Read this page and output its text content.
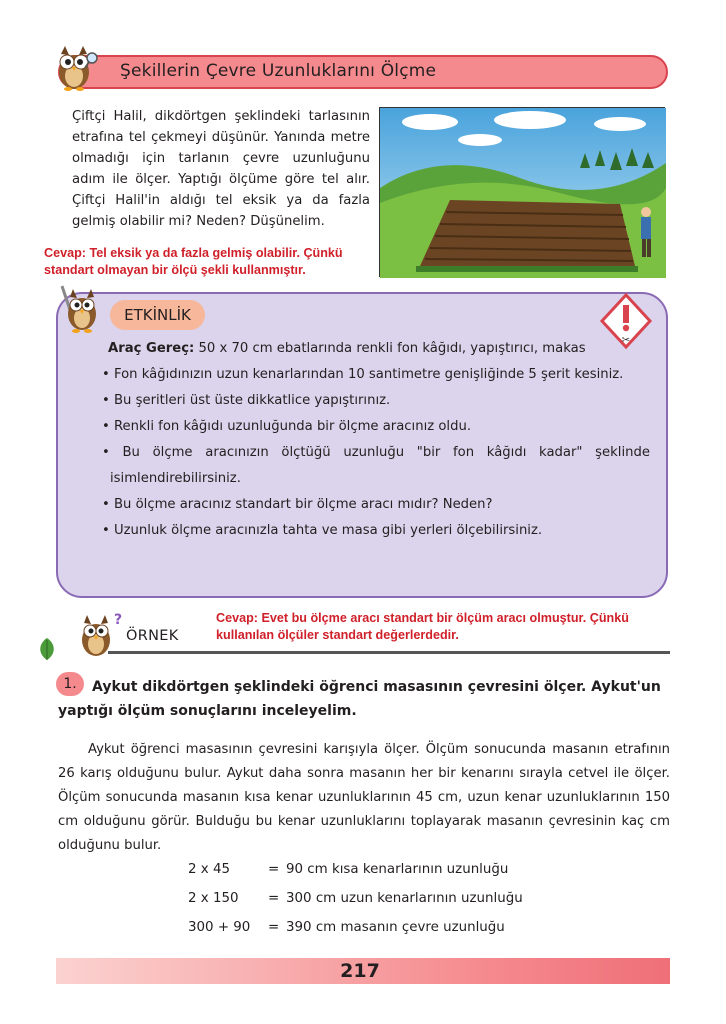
Şekillerin Çevre Uzunluklarını Ölçme
Çiftçi Halil, dikdörtgen şeklindeki tarlasının etrafına tel çekmeyi düşünür. Yanında metre olmadığı için tarlanın çevre uzunluğunu adım ile ölçer. Yaptığı ölçüme göre tel alır. Çiftçi Halil'in aldığı tel eksik ya da fazla gelmiş olabilir mi? Neden? Düşünelim.
Cevap: Tel eksik ya da fazla gelmiş olabilir. Çünkü standart olmayan bir ölçü şekli kullanmıştır.
ETKİNLİK
✂

Araç Gereç: 50 x 70 cm ebatlarında renkli fon kâğıdı, yapıştırıcı, makas

• Fon kâğıdınızın uzun kenarlarından 10 santimetre genişliğinde 5 şerit kesiniz.

• Bu şeritleri üst üste dikkatlice yapıştırınız.

• Renkli fon kâğıdı uzunluğunda bir ölçme aracınız oldu.

• Bu ölçme aracınızın ölçtüğü uzunluğu "bir fon kâğıdı kadar" şeklinde isimlendirebilirsiniz.

• Bu ölçme aracınız standart bir ölçme aracı mıdır? Neden?

• Uzunluk ölçme aracınızla tahta ve masa gibi yerleri ölçebilirsiniz.

?
ÖRNEK
Cevap: Evet bu ölçme aracı standart bir ölçüm aracı olmuştur. Çünkü kullanılan ölçüler standart değerlerdedir.
1.	Aykut dikdörtgen şeklindeki öğrenci masasının çevresini ölçer. Aykut'un yaptığı ölçüm sonuçlarını inceleyelim.
Aykut öğrenci masasının çevresini karışıyla ölçer. Ölçüm sonucunda masanın etrafının 26 karış olduğunu bulur. Aykut daha sonra masanın her bir kenarını sırayla cetvel ile ölçer. Ölçüm sonucunda masanın kısa kenar uzunluklarının 45 cm, uzun kenar uzunluklarının 150 cm olduğunu görür. Bulduğu bu kenar uzunluklarını toplayarak masanın çevresinin kaç cm olduğunu bulur.
2 x 45	= 90 cm kısa kenarlarının uzunluğu
2 x 150 = 300 cm uzun kenarlarının uzunluğu
300 + 90 = 390 cm masanın çevre uzunluğu
217
